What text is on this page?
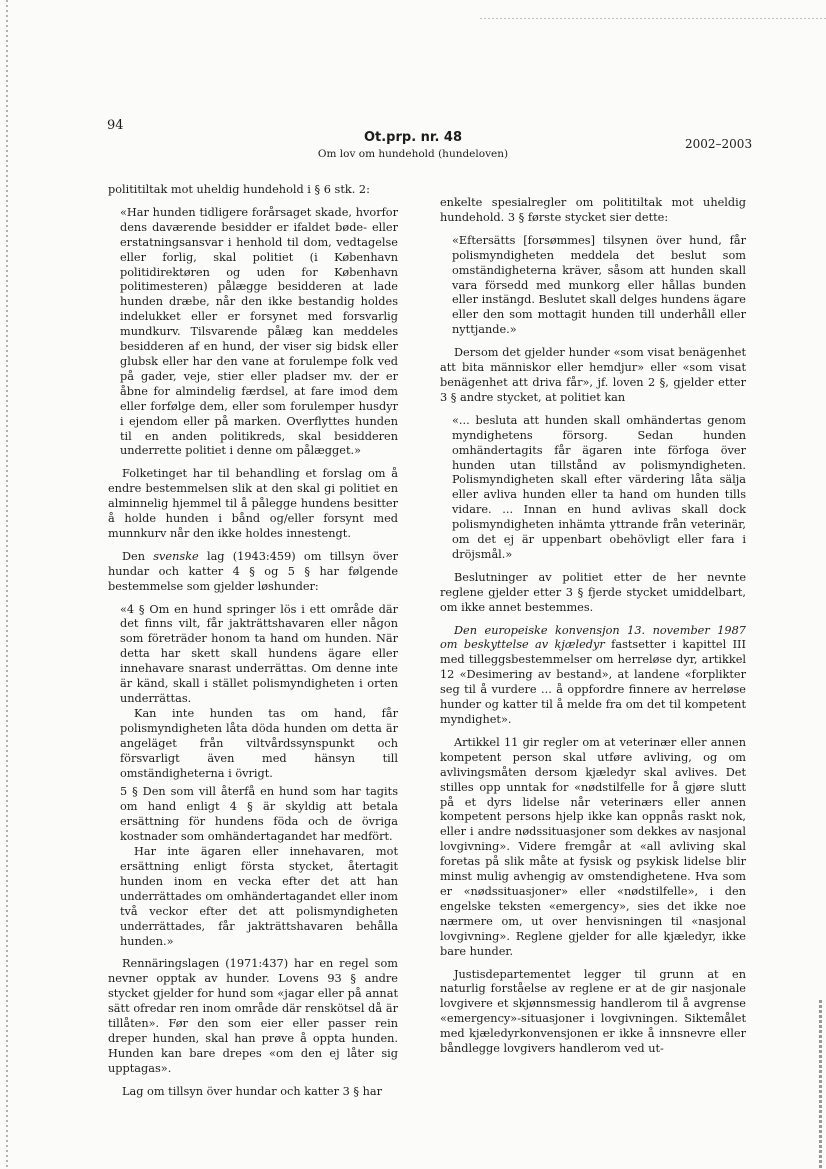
94
Ot.prp. nr. 48
Om lov om hundehold (hundeloven)
2002–2003

polititiltak mot uheldig hundehold i § 6 stk. 2:

«Har hunden tidligere forårsaget skade, hvorfor dens daværende besidder er ifaldet bøde- eller erstatningsansvar i henhold til dom, vedtagelse eller forlig, skal politiet (i København politidirektøren og uden for København politimesteren) pålægge besidderen at lade hunden dræbe, når den ikke bestandig holdes indelukket eller er forsynet med forsvarlig mundkurv. Tilsvarende pålæg kan meddeles besidderen af en hund, der viser sig bidsk eller glubsk eller har den vane at forulempe folk ved på gader, veje, stier eller pladser mv. der er åbne for almindelig færdsel, at fare imod dem eller forfølge dem, eller som forulemper husdyr i ejendom eller på marken. Overflyttes hunden til en anden politikreds, skal besidderen underrette politiet i denne om pålægget.»

Folketinget har til behandling et forslag om å endre bestemmelsen slik at den skal gi politiet en alminnelig hjemmel til å pålegge hundens besitter å holde hunden i bånd og/eller forsynt med munnkurv når den ikke holdes innestengt.

Den svenske lag (1943:459) om tillsyn över hundar och katter 4 § og 5 § har følgende bestemmelse som gjelder løshunder:

«4 § Om en hund springer lös i ett område där det finns vilt, får jakträttshavaren eller någon som företräder honom ta hand om hunden. När detta har skett skall hundens ägare eller innehavare snarast underrättas. Om denne inte är känd, skall i stället polismyndigheten i orten underrättas.

Kan inte hunden tas om hand, får polismyndigheten låta döda hunden om detta är angeläget från viltvårdssynspunkt och försvarligt även med hänsyn till omständigheterna i övrigt.

5 § Den som vill återfå en hund som har tagits om hand enligt 4 § är skyldig att betala ersättning för hundens föda och de övriga kostnader som omhändertagandet har medfört.

Har inte ägaren eller innehavaren, mot ersättning enligt första stycket, återtagit hunden inom en vecka efter det att han underrättades om omhändertagandet eller inom två veckor efter det att polismyndigheten underrättades, får jakträttshavaren behålla hunden.»

Rennäringslagen (1971:437) har en regel som nevner opptak av hunder. Lovens 93 § andre stycket gjelder for hund som «jagar eller på annat sätt ofredar ren inom område där renskötsel då är tillåten». Før den som eier eller passer rein dreper hunden, skal han prøve å oppta hunden. Hunden kan bare drepes «om den ej låter sig upptagas».

Lag om tillsyn över hundar och katter 3 § har

enkelte spesialregler om polititiltak mot uheldig hundehold. 3 § første stycket sier dette:

«Eftersätts [forsømmes] tilsynen över hund, får polismyndigheten meddela det beslut som omständigheterna kräver, såsom att hunden skall vara försedd med munkorg eller hållas bunden eller instängd. Beslutet skall delges hundens ägare eller den som mottagit hunden till underhåll eller nyttjande.»

Dersom det gjelder hunder «som visat benägenhet att bita människor eller hemdjur» eller «som visat benägenhet att driva får», jf. loven 2 §, gjelder etter 3 § andre stycket, at politiet kan

«... besluta att hunden skall omhändertas genom myndighetens försorg. Sedan hunden omhändertagits får ägaren inte förfoga över hunden utan tillstånd av polismyndigheten. Polismyndigheten skall efter värdering låta sälja eller avliva hunden eller ta hand om hunden tills vidare. ... Innan en hund avlivas skall dock polismyndigheten inhämta yttrande från veterinär, om det ej är uppenbart obehövligt eller fara i dröjsmål.»

Beslutninger av politiet etter de her nevnte reglene gjelder etter 3 § fjerde stycket umiddelbart, om ikke annet bestemmes.

Den europeiske konvensjon 13. november 1987 om beskyttelse av kjæledyr fastsetter i kapittel III med tilleggsbestemmelser om herreløse dyr, artikkel 12 «Desimering av bestand», at landene «forplikter seg til å vurdere ... å oppfordre finnere av herreløse hunder og katter til å melde fra om det til kompetent myndighet».

Artikkel 11 gir regler om at veterinær eller annen kompetent person skal utføre avliving, og om avlivingsmåten dersom kjæledyr skal avlives. Det stilles opp unntak for «nødstilfelle for å gjøre slutt på et dyrs lidelse når veterinærs eller annen kompetent persons hjelp ikke kan oppnås raskt nok, eller i andre nødssituasjoner som dekkes av nasjonal lovgivning». Videre fremgår at «all avliving skal foretas på slik måte at fysisk og psykisk lidelse blir minst mulig avhengig av omstendighetene. Hva som er «nødssituasjoner» eller «nødstilfelle», i den engelske teksten «emergency», sies det ikke noe nærmere om, ut over henvisningen til «nasjonal lovgivning». Reglene gjelder for alle kjæledyr, ikke bare hunder.

Justisdepartementet legger til grunn at en naturlig forståelse av reglene er at de gir nasjonale lovgivere et skjønnsmessig handlerom til å avgrense «emergency»-situasjoner i lovgivningen. Siktemålet med kjæledyrkonvensjonen er ikke å innsnevre eller båndlegge lovgivers handlerom ved ut-
